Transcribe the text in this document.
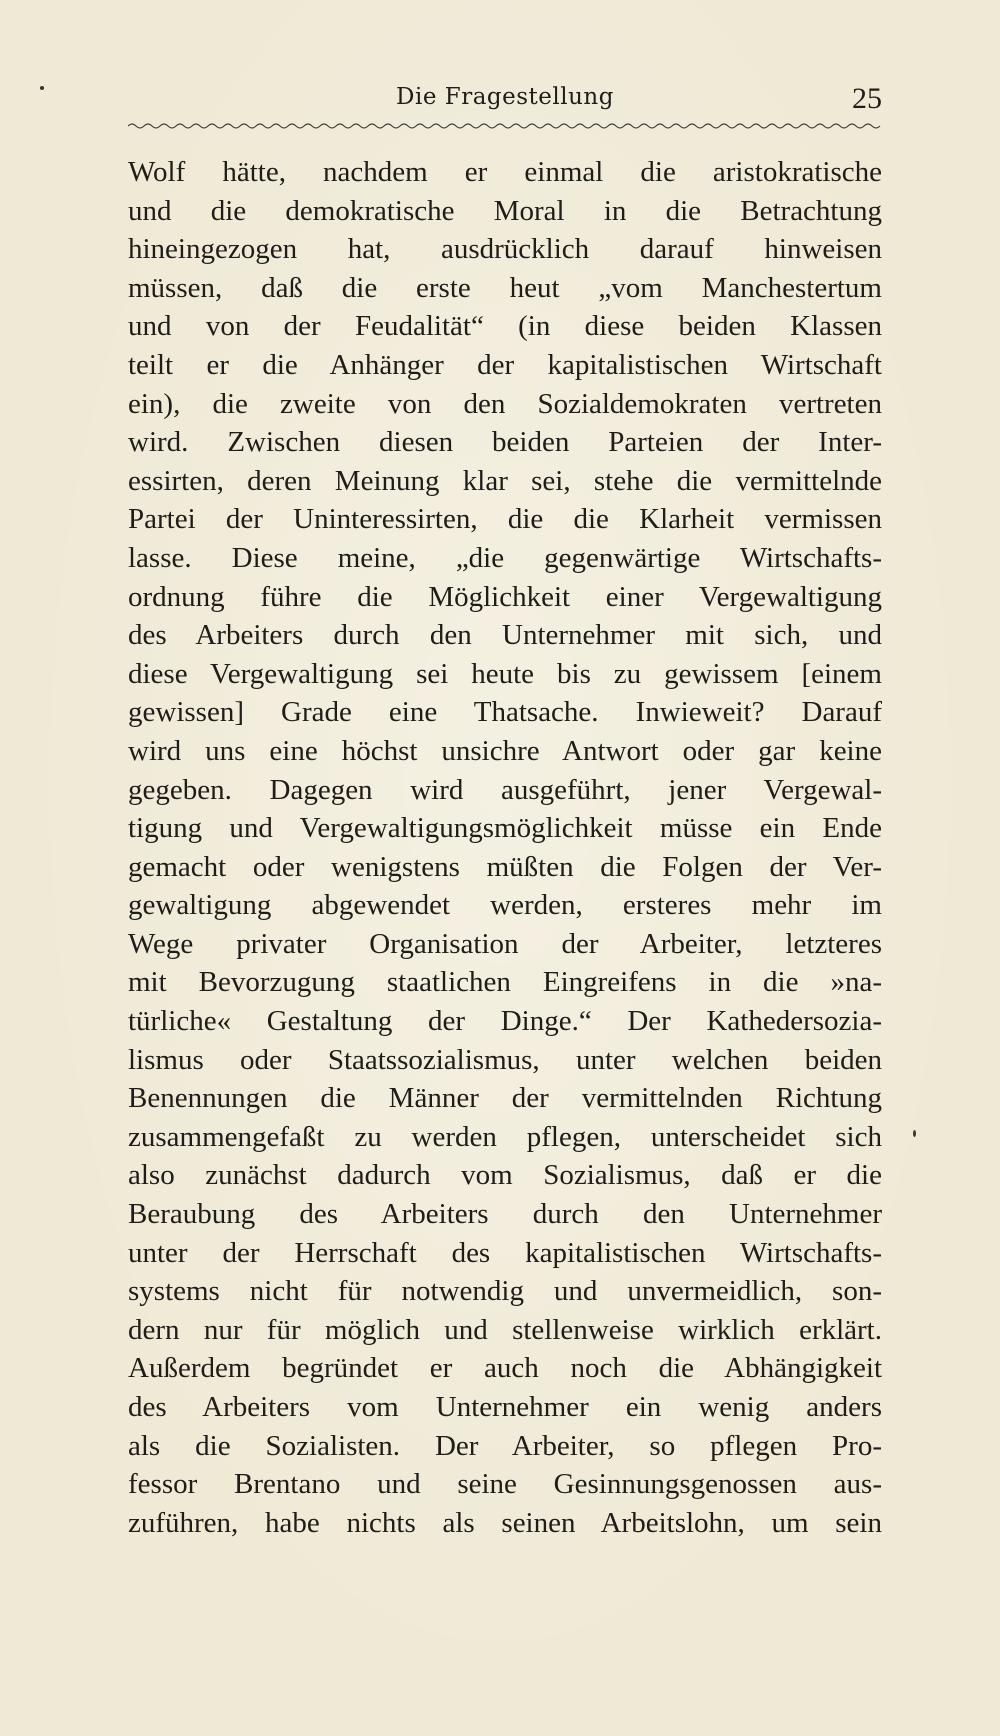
Die Fragestellung	25
Wolf hätte, nachdem er einmal die aristokratische
und die demokratische Moral in die Betrachtung
hineingezogen hat, ausdrücklich darauf hinweisen
müssen, daß die erste heut „vom Manchestertum
und von der Feudalität“ (in diese beiden Klassen
teilt er die Anhänger der kapitalistischen Wirtschaft
ein), die zweite von den Sozialdemokraten vertreten
wird. Zwischen diesen beiden Parteien der Inter-
essirten, deren Meinung klar sei, stehe die vermittelnde
Partei der Uninteressirten, die die Klarheit vermissen
lasse. Diese meine, „die gegenwärtige Wirtschafts-
ordnung führe die Möglichkeit einer Vergewaltigung
des Arbeiters durch den Unternehmer mit sich, und
diese Vergewaltigung sei heute bis zu gewissem [einem
gewissen] Grade eine Thatsache. Inwieweit? Darauf
wird uns eine höchst unsichre Antwort oder gar keine
gegeben. Dagegen wird ausgeführt, jener Vergewal-
tigung und Vergewaltigungsmöglichkeit müsse ein Ende
gemacht oder wenigstens müßten die Folgen der Ver-
gewaltigung abgewendet werden, ersteres mehr im
Wege privater Organisation der Arbeiter, letzteres
mit Bevorzugung staatlichen Eingreifens in die »na-
türliche« Gestaltung der Dinge.“ Der Kathedersozia-
lismus oder Staatssozialismus, unter welchen beiden
Benennungen die Männer der vermittelnden Richtung
zusammengefaßt zu werden pflegen, unterscheidet sich
also zunächst dadurch vom Sozialismus, daß er die
Beraubung des Arbeiters durch den Unternehmer
unter der Herrschaft des kapitalistischen Wirtschafts-
systems nicht für notwendig und unvermeidlich, son-
dern nur für möglich und stellenweise wirklich erklärt.
Außerdem begründet er auch noch die Abhängigkeit
des Arbeiters vom Unternehmer ein wenig anders
als die Sozialisten. Der Arbeiter, so pflegen Pro-
fessor Brentano und seine Gesinnungsgenossen aus-
zuführen, habe nichts als seinen Arbeitslohn, um sein
